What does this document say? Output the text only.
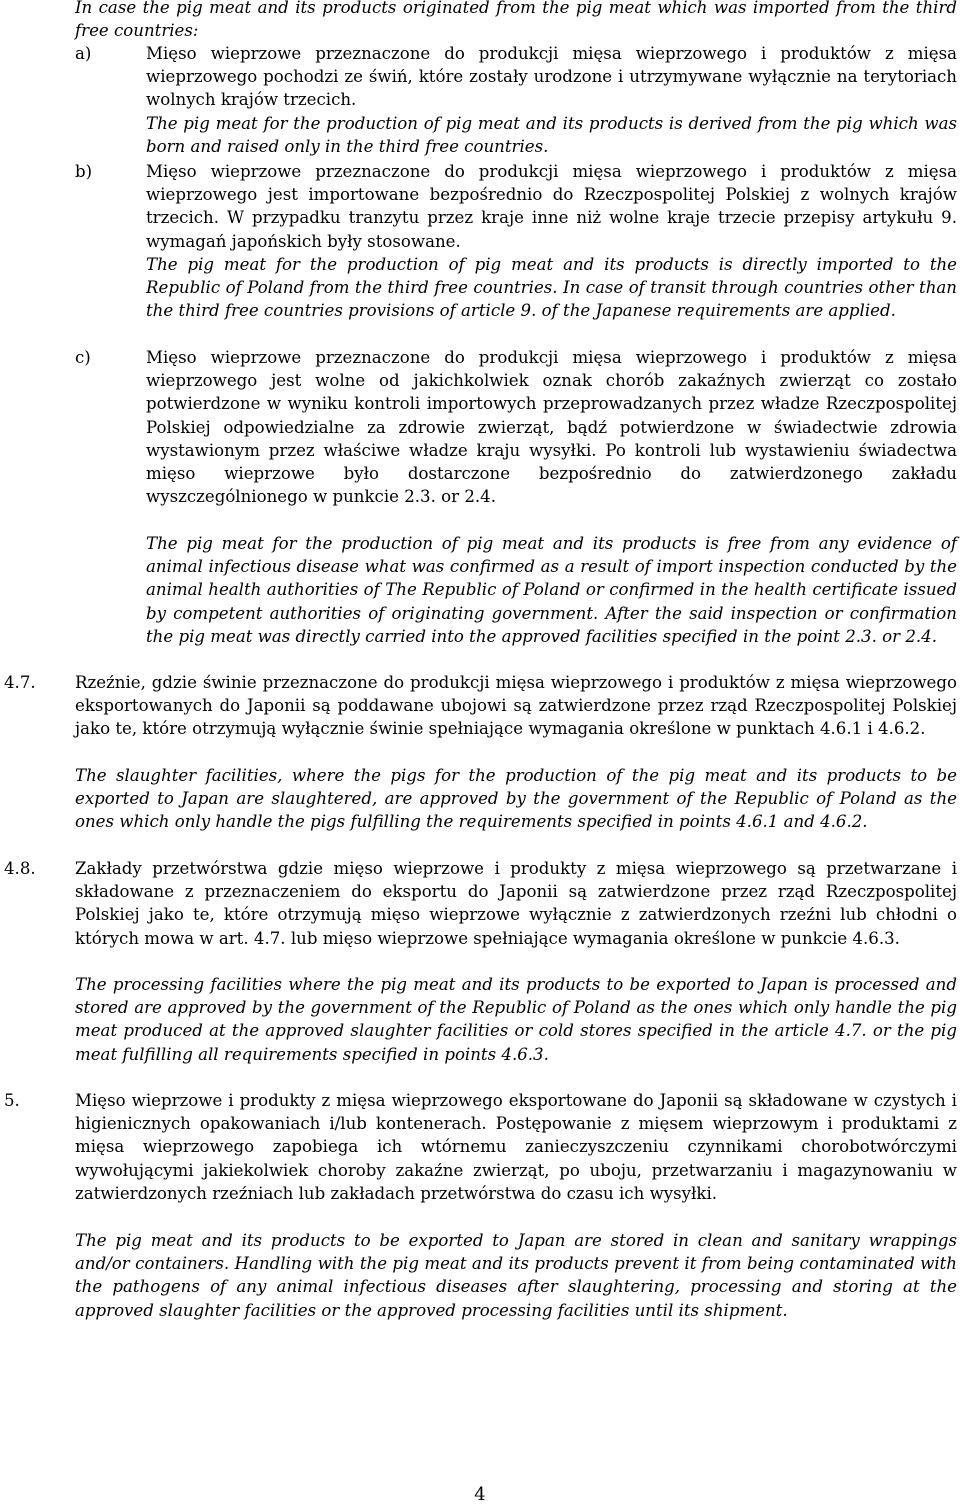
In case the pig meat and its products originated from the pig meat which was imported from the third free countries:

a)	Mięso wieprzowe przeznaczone do produkcji mięsa wieprzowego i produktów z mięsa wieprzowego pochodzi ze świń, które zostały urodzone i utrzymywane wyłącznie na terytoriach wolnych krajów trzecich.

The pig meat for the production of pig meat and its products is derived from the pig which was born and raised only in the third free countries.

b)	Mięso wieprzowe przeznaczone do produkcji mięsa wieprzowego i produktów z mięsa wieprzowego jest importowane bezpośrednio do Rzeczpospolitej Polskiej z wolnych krajów trzecich. W przypadku tranzytu przez kraje inne niż wolne kraje trzecie przepisy artykułu 9. wymagań japońskich były stosowane.

The pig meat for the production of pig meat and its products is directly imported to the Republic of Poland from the third free countries. In case of transit through countries other than the third free countries provisions of article 9. of the Japanese requirements are applied.

c)	Mięso wieprzowe przeznaczone do produkcji mięsa wieprzowego i produktów z mięsa wieprzowego jest wolne od jakichkolwiek oznak chorób zakaźnych zwierząt co zostało potwierdzone w wyniku kontroli importowych przeprowadzanych przez władze Rzeczpospolitej Polskiej odpowiedzialne za zdrowie zwierząt, bądź potwierdzone w świadectwie zdrowia wystawionym przez właściwe władze kraju wysyłki. Po kontroli lub wystawieniu świadectwa mięso wieprzowe było dostarczone bezpośrednio do zatwierdzonego zakładu wyszczególnionego w punkcie 2.3. or 2.4.

The pig meat for the production of pig meat and its products is free from any evidence of animal infectious disease what was confirmed as a result of import inspection conducted by the animal health authorities of The Republic of Poland or confirmed in the health certificate issued by competent authorities of originating government. After the said inspection or confirmation the pig meat was directly carried into the approved facilities specified in the point 2.3. or 2.4.

4.7. Rzeźnie, gdzie świnie przeznaczone do produkcji mięsa wieprzowego i produktów z mięsa wieprzowego eksportowanych do Japonii są poddawane ubojowi są zatwierdzone przez rząd Rzeczpospolitej Polskiej jako te, które otrzymują wyłącznie świnie spełniające wymagania określone w punktach 4.6.1 i 4.6.2.

The slaughter facilities, where the pigs for the production of the pig meat and its products to be exported to Japan are slaughtered, are approved by the government of the Republic of Poland as the ones which only handle the pigs fulfilling the requirements specified in points 4.6.1 and 4.6.2.

4.8. Zakłady przetwórstwa gdzie mięso wieprzowe i produkty z mięsa wieprzowego są przetwarzane i składowane z przeznaczeniem do eksportu do Japonii są zatwierdzone przez rząd Rzeczpospolitej Polskiej jako te, które otrzymują mięso wieprzowe wyłącznie z zatwierdzonych rzeźni lub chłodni o których mowa w art. 4.7. lub mięso wieprzowe spełniające wymagania określone w punkcie 4.6.3.

The processing facilities where the pig meat and its products to be exported to Japan is processed and stored are approved by the government of the Republic of Poland as the ones which only handle the pig meat produced at the approved slaughter facilities or cold stores specified in the article 4.7. or the pig meat fulfilling all requirements specified in points 4.6.3.

5.	Mięso wieprzowe i produkty z mięsa wieprzowego eksportowane do Japonii są składowane w czystych i higienicznych opakowaniach i/lub kontenerach. Postępowanie z mięsem wieprzowym i produktami z mięsa wieprzowego zapobiega ich wtórnemu zanieczyszczeniu czynnikami chorobotwórczymi wywołującymi jakiekolwiek choroby zakaźne zwierząt, po uboju, przetwarzaniu i magazynowaniu w zatwierdzonych rzeźniach lub zakładach przetwórstwa do czasu ich wysyłki.

The pig meat and its products to be exported to Japan are stored in clean and sanitary wrappings and/or containers. Handling with the pig meat and its products prevent it from being contaminated with the pathogens of any animal infectious diseases after slaughtering, processing and storing at the approved slaughter facilities or the approved processing facilities until its shipment.

4
